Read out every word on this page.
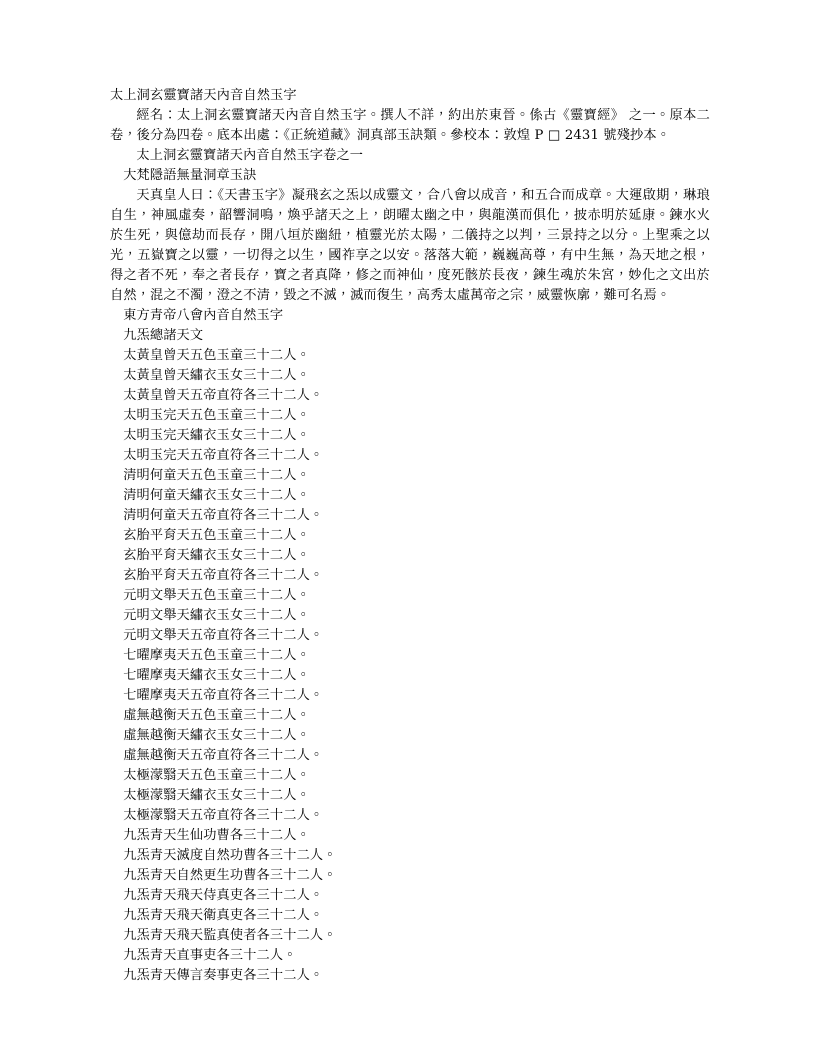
太上洞玄靈寶諸天內音自然玉字
經名：太上洞玄靈寶諸天內音自然玉字。撰人不詳，約出於東晉。係古《靈寶經》 之一。原本二卷，後分為四卷。底本出處：《正統道藏》洞真部玉訣類。參校本：敦煌 P □ 2431 號殘抄本。
太上洞玄靈寶諸天內音自然玉字卷之一
大梵隱語無量洞章玉訣
天真皇人曰：《天書玉字》凝飛玄之炁以成靈文，合八會以成音，和五合而成章。大運啟期，琳琅自生，神風虛奏，韶響洞鳴，煥乎諸天之上，朗曜太幽之中，與龍漢而俱化，披赤明於延康。鍊水火於生死，與億劫而長存，開八垣於幽紐，植靈光於太陽，二儀持之以判，三景持之以分。上聖乘之以光，五嶽寶之以靈，一切得之以生，國祚享之以安。落落大範，巍巍高尊，有中生無，為天地之根，得之者不死，奉之者長存，寶之者真降，修之而神仙，度死骸於長夜，鍊生魂於朱宮，妙化之文出於自然，混之不濁，澄之不清，毀之不滅，滅而復生，高秀太虛萬帝之宗，威靈恢廓，難可名焉。
東方青帝八會內音自然玉字
九炁總諸天文
太黃皇曾天五色玉童三十二人。
太黃皇曾天繡衣玉女三十二人。
太黃皇曾天五帝直符各三十二人。
太明玉完天五色玉童三十二人。
太明玉完天繡衣玉女三十二人。
太明玉完天五帝直符各三十二人。
清明何童天五色玉童三十二人。
清明何童天繡衣玉女三十二人。
清明何童天五帝直符各三十二人。
玄胎平育天五色玉童三十二人。
玄胎平育天繡衣玉女三十二人。
玄胎平育天五帝直符各三十二人。
元明文舉天五色玉童三十二人。
元明文舉天繡衣玉女三十二人。
元明文舉天五帝直符各三十二人。
七曜摩夷天五色玉童三十二人。
七曜摩夷天繡衣玉女三十二人。
七曜摩夷天五帝直符各三十二人。
虛無越衡天五色玉童三十二人。
虛無越衡天繡衣玉女三十二人。
虛無越衡天五帝直符各三十二人。
太極濛翳天五色玉童三十二人。
太極濛翳天繡衣玉女三十二人。
太極濛翳天五帝直符各三十二人。
九炁青天生仙功曹各三十二人。
九炁青天滅度自然功曹各三十二人。
九炁青天自然更生功曹各三十二人。
九炁青天飛天侍真吏各三十二人。
九炁青天飛天衛真吏各三十二人。
九炁青天飛天監真使者各三十二人。
九炁青天直事吏各三十二人。
九炁青天傳言奏事吏各三十二人。
